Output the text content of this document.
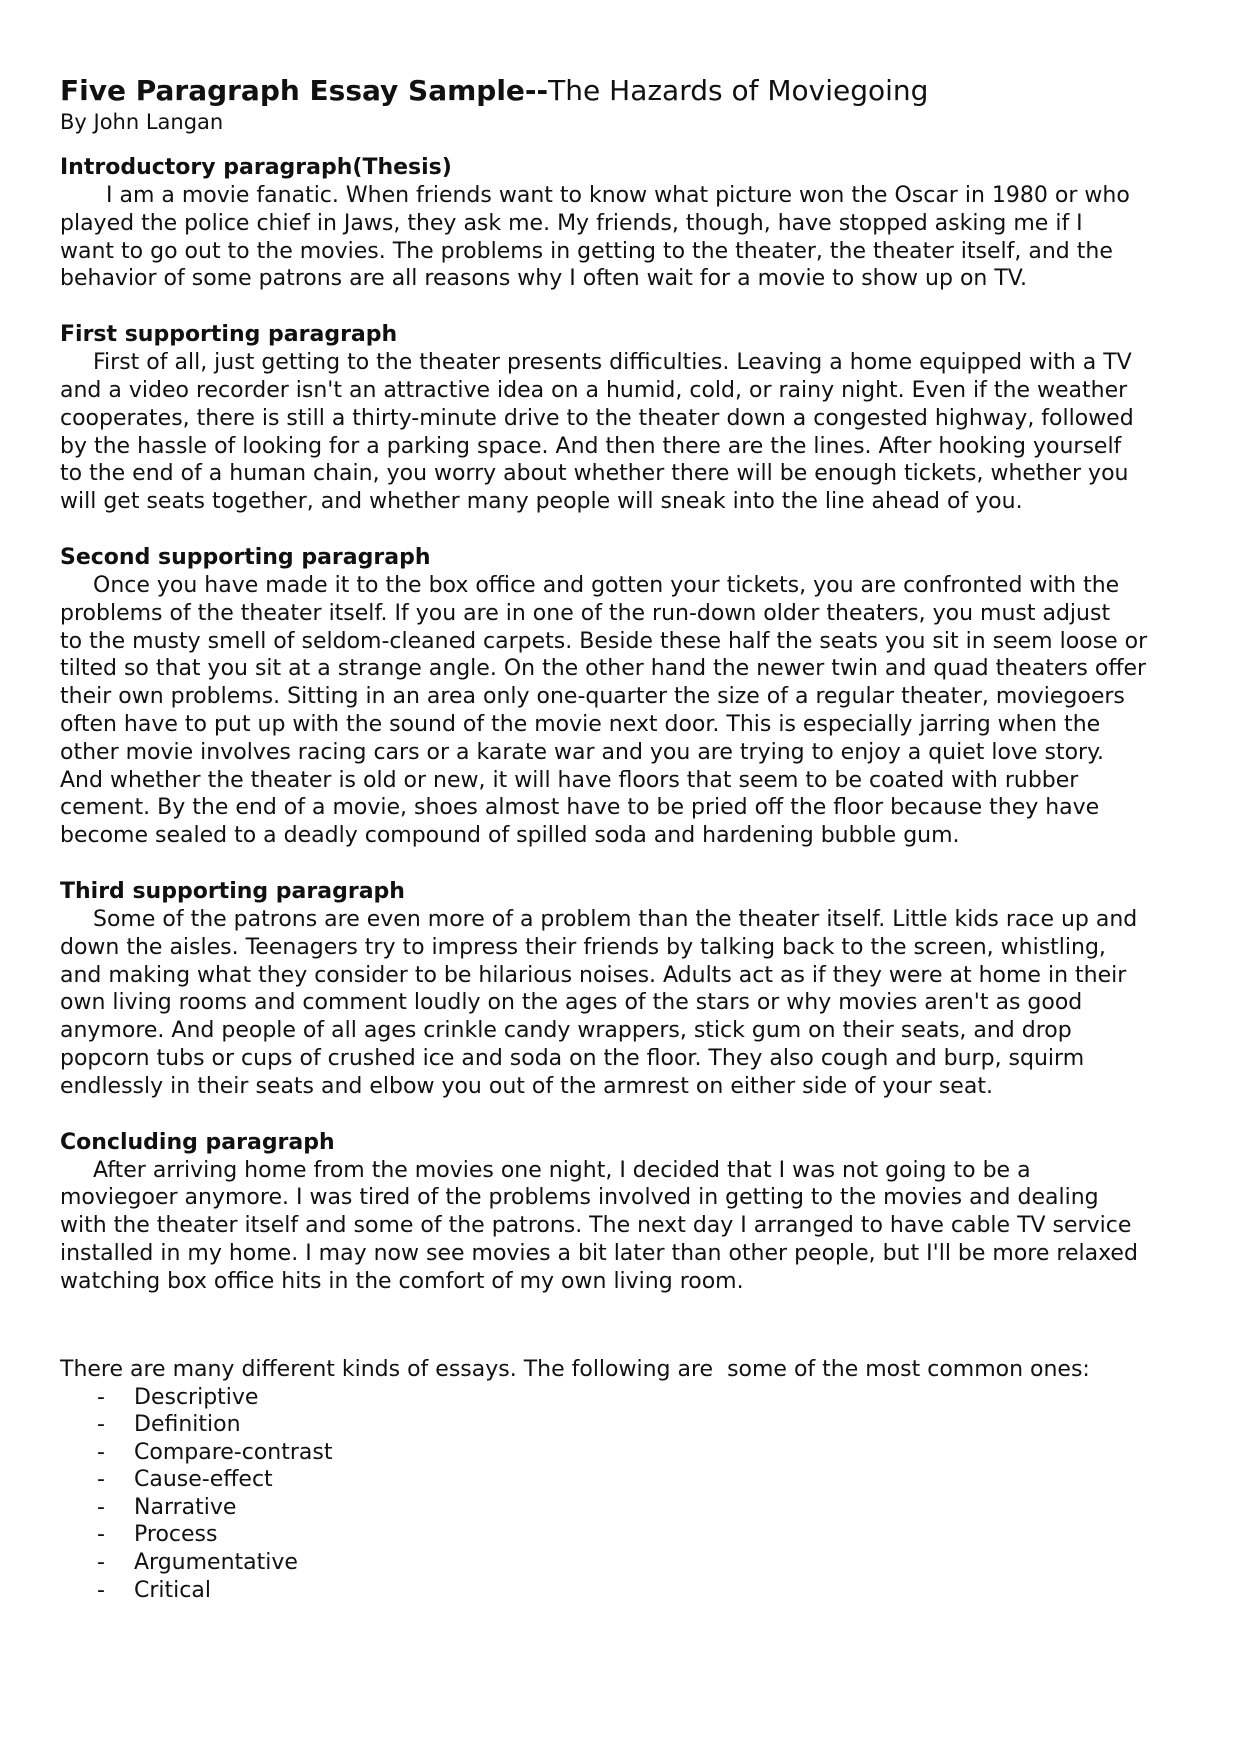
Five Paragraph Essay Sample--The Hazards of Moviegoing

By John Langan

Introductory paragraph(Thesis)

I am a movie fanatic. When friends want to know what picture won the Oscar in 1980 or who
played the police chief in Jaws, they ask me. My friends, though, have stopped asking me if I
want to go out to the movies. The problems in getting to the theater, the theater itself, and the
behavior of some patrons are all reasons why I often wait for a movie to show up on TV.

First supporting paragraph

First of all, just getting to the theater presents difficulties. Leaving a home equipped with a TV
and a video recorder isn't an attractive idea on a humid, cold, or rainy night. Even if the weather
cooperates, there is still a thirty-minute drive to the theater down a congested highway, followed
by the hassle of looking for a parking space. And then there are the lines. After hooking yourself
to the end of a human chain, you worry about whether there will be enough tickets, whether you
will get seats together, and whether many people will sneak into the line ahead of you.

Second supporting paragraph

Once you have made it to the box office and gotten your tickets, you are confronted with the
problems of the theater itself. If you are in one of the run-down older theaters, you must adjust
to the musty smell of seldom-cleaned carpets. Beside these half the seats you sit in seem loose or
tilted so that you sit at a strange angle. On the other hand the newer twin and quad theaters offer
their own problems. Sitting in an area only one-quarter the size of a regular theater, moviegoers
often have to put up with the sound of the movie next door. This is especially jarring when the
other movie involves racing cars or a karate war and you are trying to enjoy a quiet love story.
And whether the theater is old or new, it will have floors that seem to be coated with rubber
cement. By the end of a movie, shoes almost have to be pried off the floor because they have
become sealed to a deadly compound of spilled soda and hardening bubble gum.

Third supporting paragraph

Some of the patrons are even more of a problem than the theater itself. Little kids race up and
down the aisles. Teenagers try to impress their friends by talking back to the screen, whistling,
and making what they consider to be hilarious noises. Adults act as if they were at home in their
own living rooms and comment loudly on the ages of the stars or why movies aren't as good
anymore. And people of all ages crinkle candy wrappers, stick gum on their seats, and drop
popcorn tubs or cups of crushed ice and soda on the floor. They also cough and burp, squirm
endlessly in their seats and elbow you out of the armrest on either side of your seat.

Concluding paragraph

After arriving home from the movies one night, I decided that I was not going to be a
moviegoer anymore. I was tired of the problems involved in getting to the movies and dealing
with the theater itself and some of the patrons. The next day I arranged to have cable TV service
installed in my home. I may now see movies a bit later than other people, but I'll be more relaxed
watching box office hits in the comfort of my own living room.

There are many different kinds of essays. The following are  some of the most common ones:

- Descriptive
- Definition
- Compare-contrast
- Cause-effect
- Narrative
- Process
- Argumentative
- Critical
